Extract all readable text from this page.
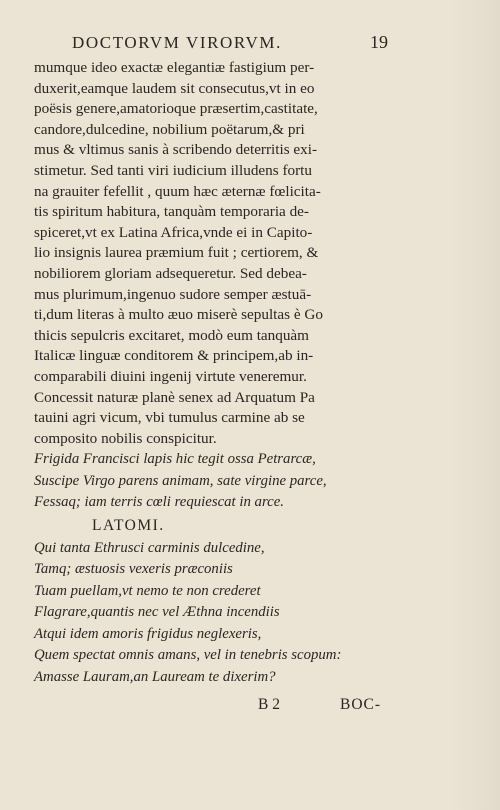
DOCTORVM VIRORVM.	19
mumque ideo exactæ elegantiæ fastigium per-
duxerit,eamque laudem sit consecutus,vt in eo
poësis genere,amatorioque præsertim,castitate,
candore,dulcedine, nobilium poëtarum,& pri
mus & vltimus sanis à scribendo deterritis exi-
stimetur. Sed tanti viri iudicium illudens fortu
na grauiter fefellit , quum hæc æternæ fœlicita-
tis spiritum habitura, tanquàm temporaria de-
spiceret,vt ex Latina Africa,vnde ei in Capito-
lio insignis laurea præmium fuit ; certiorem, &
nobiliorem gloriam adsequeretur. Sed debea-
mus plurimum,ingenuo sudore semper æstuā-
ti,dum literas à multo æuo miserè sepultas è Go
thicis sepulcris excitaret, modò eum tanquàm
Italicæ linguæ conditorem & principem,ab in-
comparabili diuini ingenij virtute veneremur.
Concessit naturæ planè senex ad Arquatum Pa
tauini agri vicum, vbi tumulus carmine ab se
composito nobilis conspicitur.
Frigida Francisci lapis hic tegit ossa Petrarcæ,
Suscipe Virgo parens animam, sate virgine parce,
Fessaq; iam terris cœli requiescat in arce.
LATOMI.
Qui tanta Ethrusci carminis dulcedine,
Tamq; æstuosis vexeris præconiis
Tuam puellam,vt nemo te non crederet
Flagrare,quantis nec vel Æthna incendiis
Atqui idem amoris frigidus neglexeris,
Quem spectat omnis amans, vel in tenebris scopum:
Amasse Lauram,an Lauream te dixerim?
B 2	BOC-
